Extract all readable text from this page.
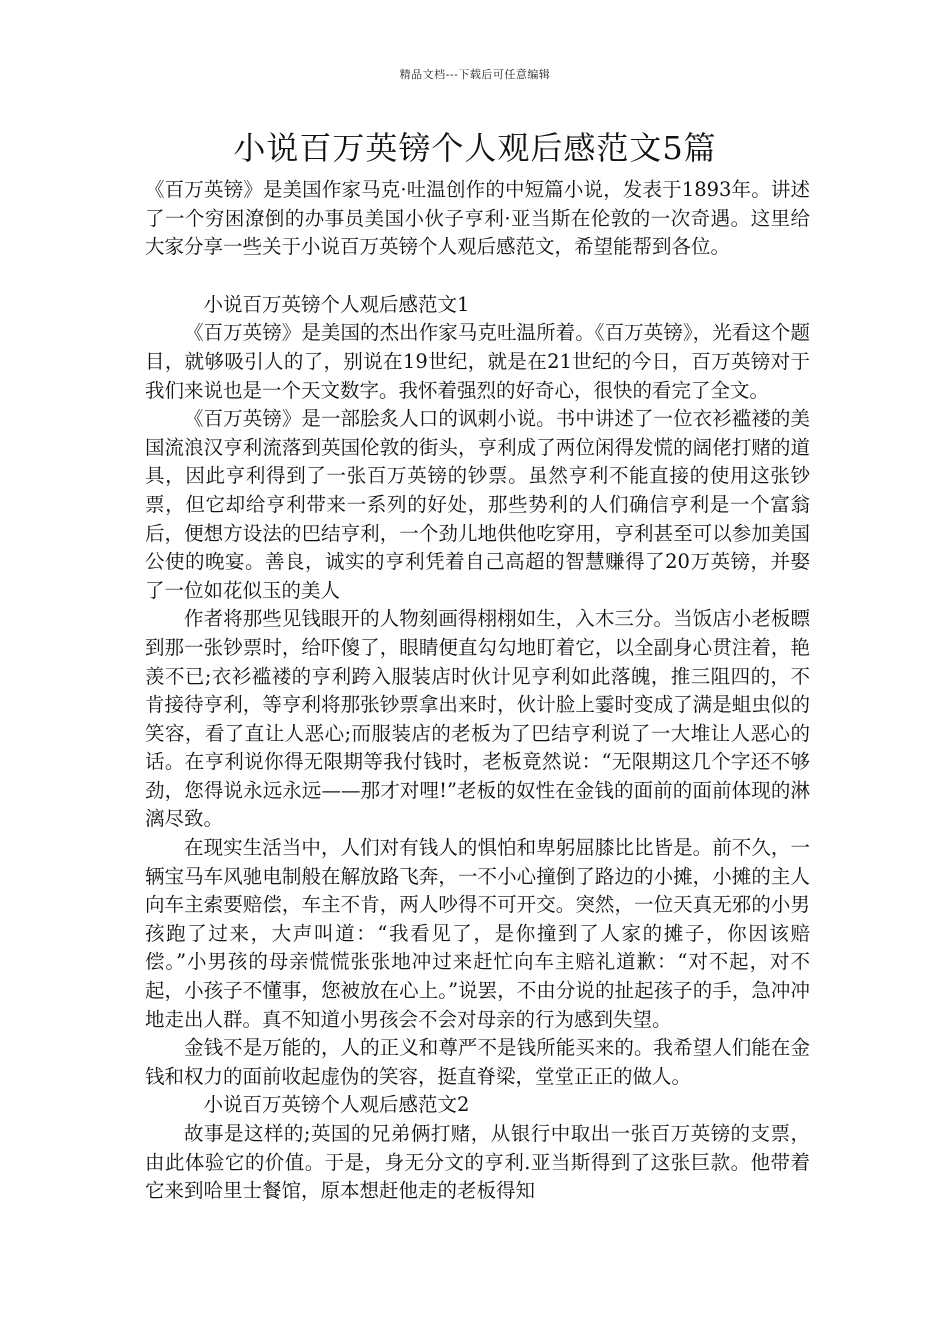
精品文档---下载后可任意编辑
小说百万英镑个人观后感范文5篇

《百万英镑》是美国作家马克·吐温创作的中短篇小说，发表于1893年。讲述了一个穷困潦倒的办事员美国小伙子亨利·亚当斯在伦敦的一次奇遇。这里给大家分享一些关于小说百万英镑个人观后感范文，希望能帮到各位。

小说百万英镑个人观后感范文1

《百万英镑》是美国的杰出作家马克吐温所着。《百万英镑》，光看这个题目，就够吸引人的了，别说在19世纪，就是在21世纪的今日，百万英镑对于我们来说也是一个天文数字。我怀着强烈的好奇心，很快的看完了全文。

《百万英镑》是一部脍炙人口的讽刺小说。书中讲述了一位衣衫褴褛的美国流浪汉亨利流落到英国伦敦的街头，亨利成了两位闲得发慌的阔佬打赌的道具，因此亨利得到了一张百万英镑的钞票。虽然亨利不能直接的使用这张钞票，但它却给亨利带来一系列的好处，那些势利的人们确信亨利是一个富翁后，便想方设法的巴结亨利，一个劲儿地供他吃穿用，亨利甚至可以参加美国公使的晚宴。善良，诚实的亨利凭着自己高超的智慧赚得了20万英镑，并娶了一位如花似玉的美人

作者将那些见钱眼开的人物刻画得栩栩如生，入木三分。当饭店小老板瞟到那一张钞票时，给吓傻了，眼睛便直勾勾地盯着它，以全副身心贯注着，艳羡不已;衣衫褴褛的亨利跨入服装店时伙计见亨利如此落魄，推三阻四的，不肯接待亨利，等亨利将那张钞票拿出来时，伙计脸上霎时变成了满是蛆虫似的笑容，看了直让人恶心;而服装店的老板为了巴结亨利说了一大堆让人恶心的话。在亨利说你得无限期等我付钱时，老板竟然说：“无限期这几个字还不够劲，您得说永远永远——那才对哩!”老板的奴性在金钱的面前的面前体现的淋漓尽致。

在现实生活当中，人们对有钱人的惧怕和卑躬屈膝比比皆是。前不久，一辆宝马车风驰电制般在解放路飞奔，一不小心撞倒了路边的小摊，小摊的主人向车主索要赔偿，车主不肯，两人吵得不可开交。突然，一位天真无邪的小男孩跑了过来，大声叫道：“我看见了，是你撞到了人家的摊子，你因该赔偿。”小男孩的母亲慌慌张张地冲过来赶忙向车主赔礼道歉：“对不起，对不起，小孩子不懂事，您被放在心上。”说罢，不由分说的扯起孩子的手，急冲冲地走出人群。真不知道小男孩会不会对母亲的行为感到失望。

金钱不是万能的，人的正义和尊严不是钱所能买来的。我希望人们能在金钱和权力的面前收起虚伪的笑容，挺直脊梁，堂堂正正的做人。

小说百万英镑个人观后感范文2

故事是这样的;英国的兄弟俩打赌，从银行中取出一张百万英镑的支票，由此体验它的价值。于是，身无分文的亨利.亚当斯得到了这张巨款。他带着它来到哈里士餐馆，原本想赶他走的老板得知
